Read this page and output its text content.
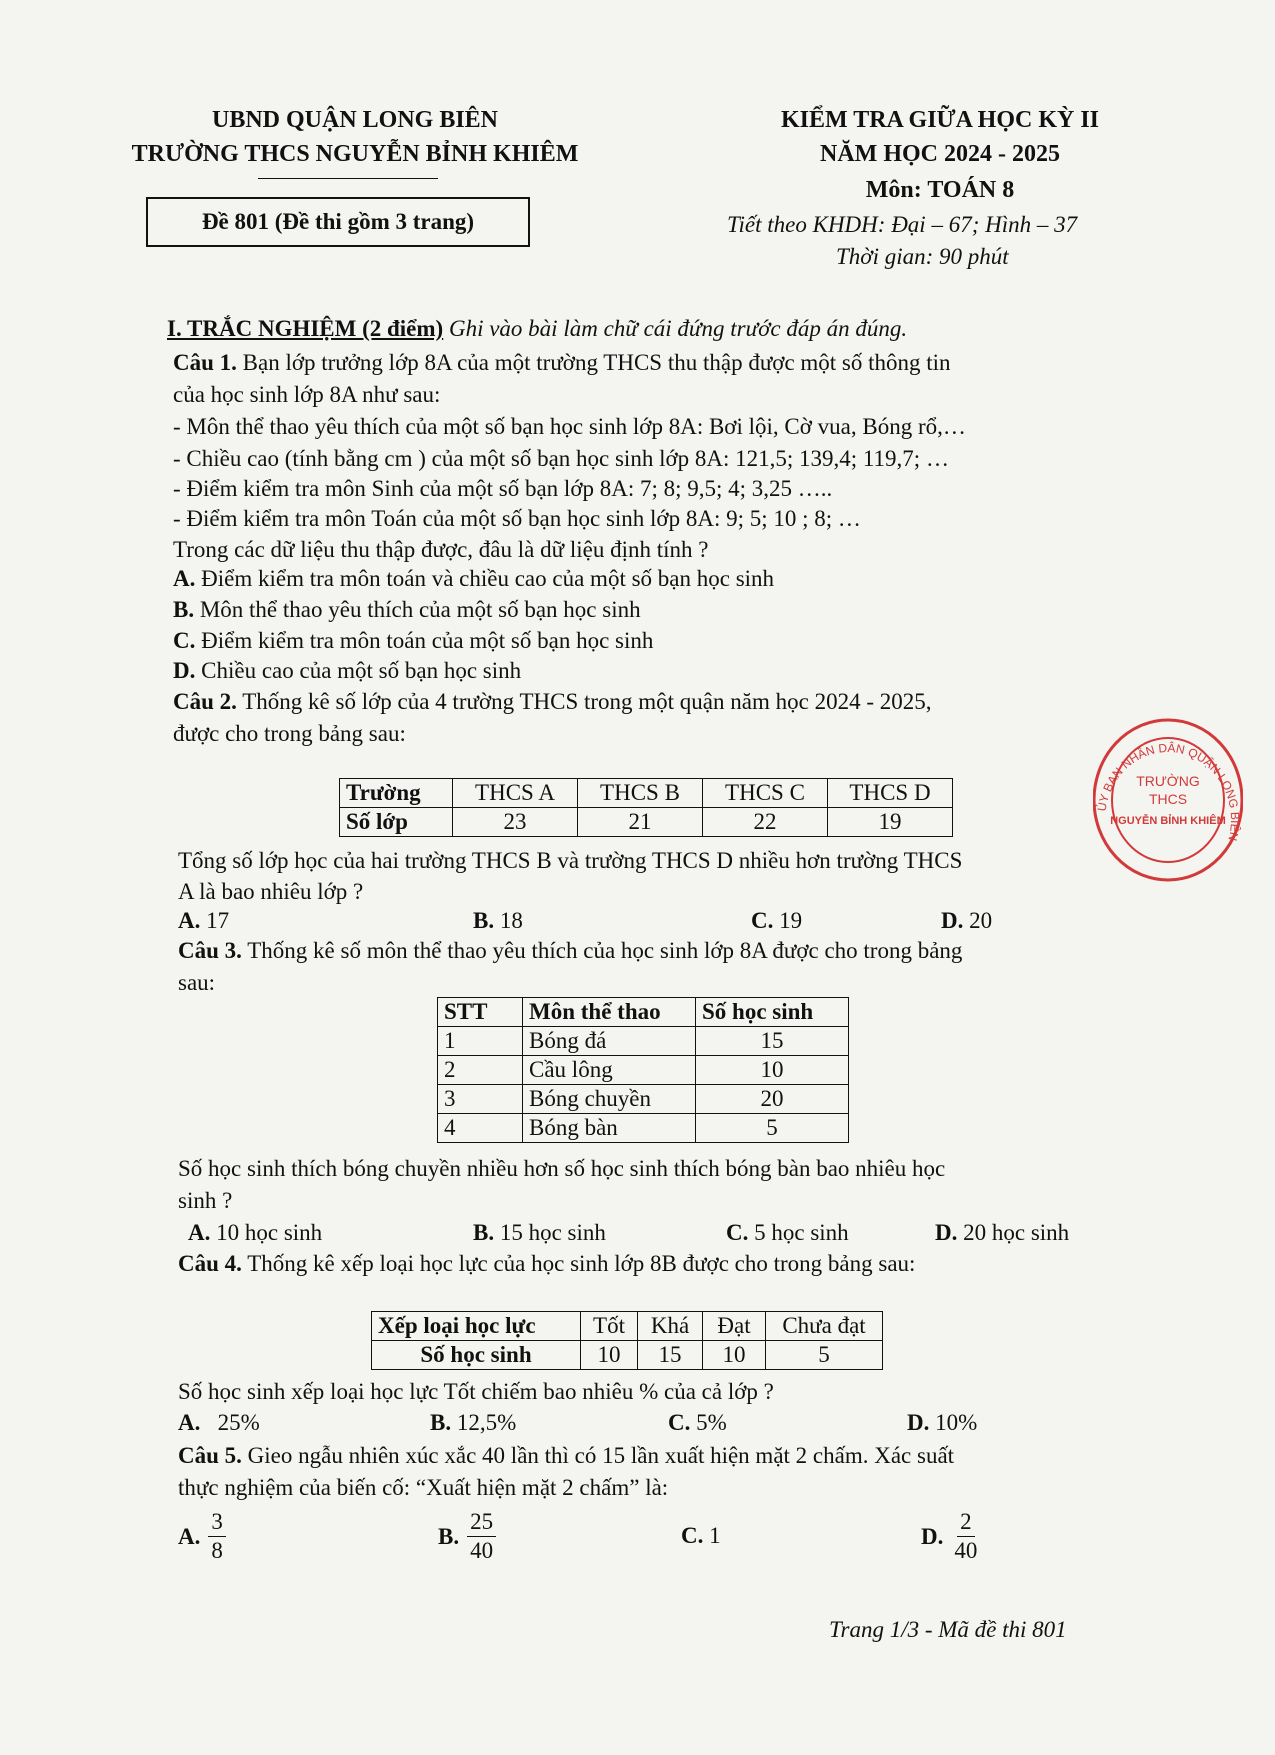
UBND QUẬN LONG BIÊN
TRƯỜNG THCS NGUYỄN BỈNH KHIÊM
Đề 801 (Đề thi gồm 3 trang)
KIỂM TRA GIỮA HỌC KỲ II
NĂM HỌC 2024 - 2025
Môn: TOÁN 8
Tiết theo KHDH: Đại – 67; Hình – 37
Thời gian: 90 phút
I. TRẮC NGHIỆM (2 điểm) Ghi vào bài làm chữ cái đứng trước đáp án đúng.
Câu 1. Bạn lớp trưởng lớp 8A của một trường THCS thu thập được một số thông tin
của học sinh lớp 8A như sau:
- Môn thể thao yêu thích của một số bạn học sinh lớp 8A: Bơi lội, Cờ vua, Bóng rổ,…
- Chiều cao (tính bằng cm ) của một số bạn học sinh lớp 8A: 121,5; 139,4; 119,7; …
- Điểm kiểm tra môn Sinh của một số bạn lớp 8A: 7; 8; 9,5; 4; 3,25 …..
- Điểm kiểm tra môn Toán của một số bạn học sinh lớp 8A: 9; 5; 10 ; 8; …
Trong các dữ liệu thu thập được, đâu là dữ liệu định tính ?
A. Điểm kiểm tra môn toán và chiều cao của một số bạn học sinh
B. Môn thể thao yêu thích của một số bạn học sinh
C. Điểm kiểm tra môn toán của một số bạn học sinh
D. Chiều cao của một số bạn học sinh
Câu 2. Thống kê số lớp của 4 trường THCS trong một quận năm học 2024 - 2025,
được cho trong bảng sau:
Trường	THCS A	THCS B	THCS C	THCS D
Số lớp	23	21	22	19
Tổng số lớp học của hai trường THCS B và trường THCS D nhiều hơn trường THCS
A là bao nhiêu lớp ?
A. 17	B. 18	C. 19	D. 20
Câu 3. Thống kê số môn thể thao yêu thích của học sinh lớp 8A được cho trong bảng
sau:
STT	Môn thể thao	Số học sinh
1	Bóng đá	15
2	Cầu lông	10
3	Bóng chuyền	20
4	Bóng bàn	5
Số học sinh thích bóng chuyền nhiều hơn số học sinh thích bóng bàn bao nhiêu học
sinh ?
A. 10 học sinh	B. 15 học sinh	C. 5 học sinh	D. 20 học sinh
Câu 4. Thống kê xếp loại học lực của học sinh lớp 8B được cho trong bảng sau:
Xếp loại học lực	Tốt	Khá	Đạt	Chưa đạt
Số học sinh	10	15	10	5
Số học sinh xếp loại học lực Tốt chiếm bao nhiêu % của cả lớp ?
A. 25%	B. 12,5%	C. 5%	D. 10%
Câu 5. Gieo ngẫu nhiên xúc xắc 40 lần thì có 15 lần xuất hiện mặt 2 chấm. Xác suất
thực nghiệm của biến cố: “Xuất hiện mặt 2 chấm” là:
A. $\frac{3}{8}$	B. $\frac{25}{40}$	C. 1	D. $\frac{2}{40}$
Trang 1/3 - Mã đề thi 801
ỦY BAN NHÂN DÂN QUẬN LONG BIÊN
TRƯỜNG
THCS
NGUYỄN BỈNH KHIÊM
